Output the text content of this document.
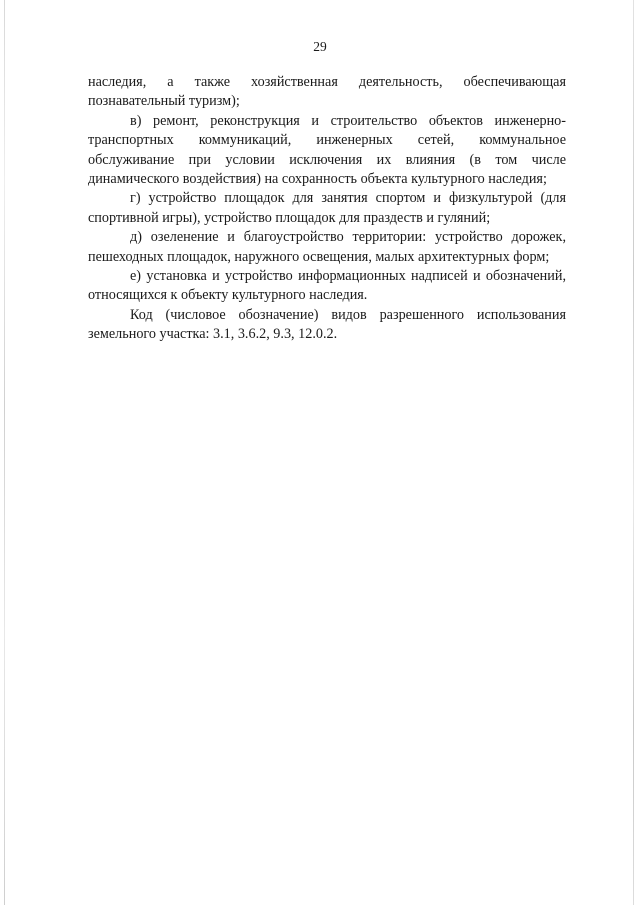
29

наследия, а также хозяйственная деятельность, обеспечивающая познавательный туризм);

в) ремонт, реконструкция и строительство объектов инженерно-транспортных коммуникаций, инженерных сетей, коммунальное обслуживание при условии исключения их влияния (в том числе динамического воздействия) на сохранность объекта культурного наследия;

г) устройство площадок для занятия спортом и физкультурой (для спортивной игры), устройство площадок для праздеств и гуляний;

д) озеленение и благоустройство территории: устройство дорожек, пешеходных площадок, наружного освещения, малых архитектурных форм;

е) установка и устройство информационных надписей и обозначений, относящихся к объекту культурного наследия.

Код (числовое обозначение) видов разрешенного использования земельного участка: 3.1, 3.6.2, 9.3, 12.0.2.
